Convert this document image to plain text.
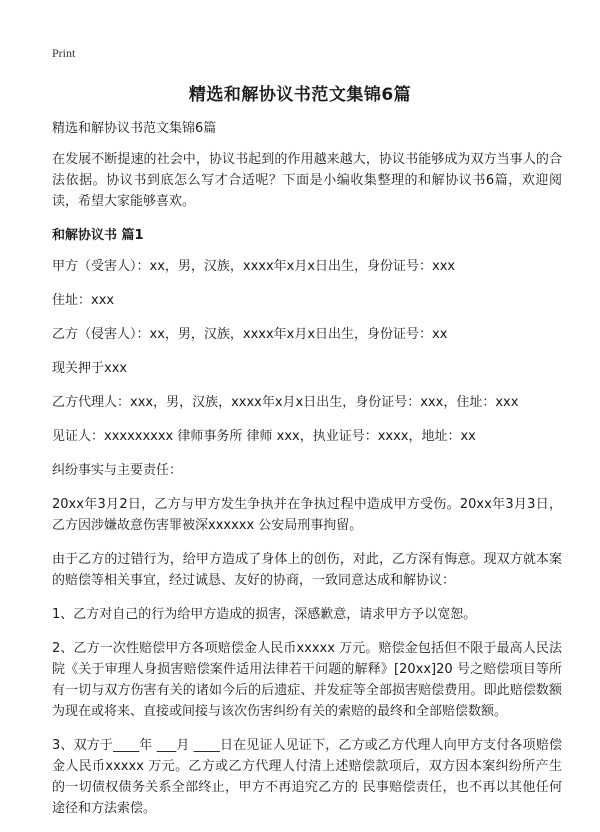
Print
精选和解协议书范文集锦6篇

精选和解协议书范文集锦6篇

在发展不断提速的社会中，协议书起到的作用越来越大，协议书能够成为双方当事人的合法依据。协议书到底怎么写才合适呢？下面是小编收集整理的和解协议书6篇，欢迎阅读，希望大家能够喜欢。

和解协议书 篇1

甲方（受害人）：xx，男，汉族，xxxx年x月x日出生，身份证号：xxx

住址：xxx

乙方（侵害人）：xx，男，汉族，xxxx年x月x日出生，身份证号：xx

现关押于xxx

乙方代理人：xxx，男，汉族，xxxx年x月x日出生，身份证号：xxx，住址：xxx

见证人：xxxxxxxxx 律师事务所 律师 xxx，执业证号：xxxx，地址：xx

纠纷事实与主要责任：

20xx年3月2日，乙方与甲方发生争执并在争执过程中造成甲方受伤。20xx年3月3日，乙方因涉嫌故意伤害罪被深xxxxxx 公安局刑事拘留。

由于乙方的过错行为，给甲方造成了身体上的创伤，对此，乙方深有悔意。现双方就本案的赔偿等相关事宜，经过诚恳、友好的协商，一致同意达成和解协议：

1、乙方对自己的行为给甲方造成的损害，深感歉意，请求甲方予以宽恕。

2、乙方一次性赔偿甲方各项赔偿金人民币xxxxx 万元。赔偿金包括但不限于最高人民法院《关于审理人身损害赔偿案件适用法律若干问题的解释》[20xx]20 号之赔偿项目等所有一切与双方伤害有关的诸如今后的后遗症、并发症等全部损害赔偿费用。即此赔偿数额为现在或将来、直接或间接与该次伤害纠纷有关的索赔的最终和全部赔偿数额。

3、双方于____年 ___月 ____日在见证人见证下，乙方或乙方代理人向甲方支付各项赔偿金人民币xxxxx 万元。乙方或乙方代理人付清上述赔偿款项后，双方因本案纠纷所产生的一切债权债务关系全部终止，甲方不再追究乙方的 民事赔偿责任，也不再以其他任何途径和方法索偿。
